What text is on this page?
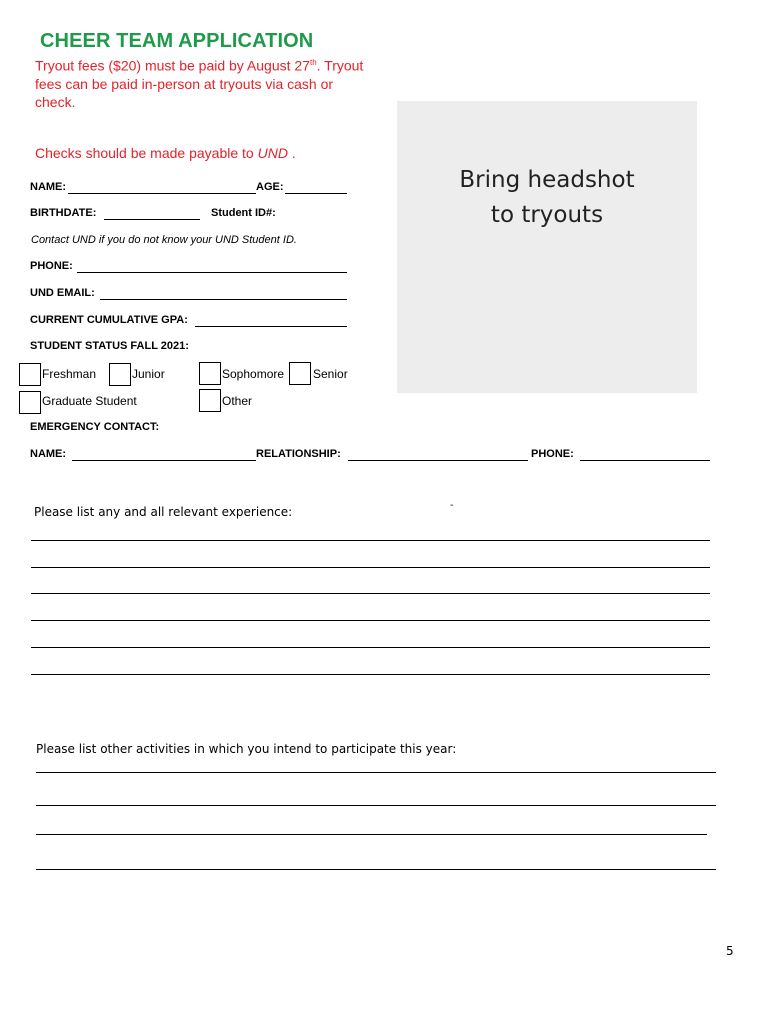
CHEER TEAM APPLICATION
Tryout fees ($20) must be paid by August 27th. Tryout fees can be paid in-person at tryouts via cash or check.
Checks should be made payable to UND .
Bring headshot
to tryouts
NAME:	AGE:
BIRTHDATE:	Student ID#:
Contact UND if you do not know your UND Student ID.
PHONE:
UND EMAIL:
CURRENT CUMULATIVE GPA:
STUDENT STATUS FALL 2021:
Freshman	Junior	Sophomore Senior
Graduate Student	Other
EMERGENCY CONTACT:
NAME:	RELATIONSHIP:	PHONE:
Please list any and all relevant experience:	-
Please list other activities in which you intend to participate this year:
5
